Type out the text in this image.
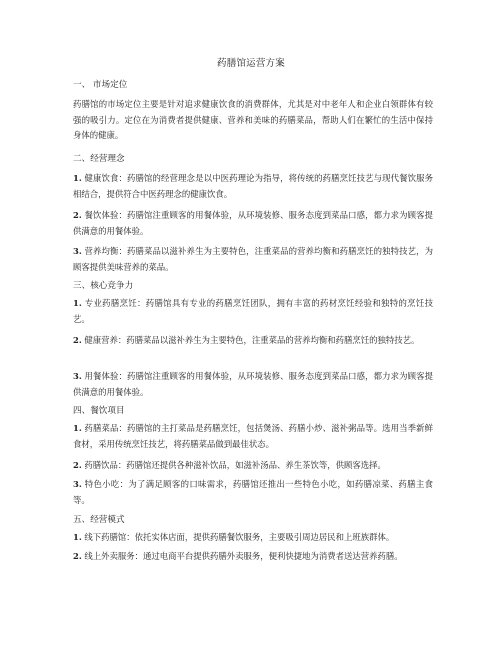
药膳馆运营方案
一、 市场定位
药膳馆的市场定位主要是针对追求健康饮食的消费群体，尤其是对中老年人和企业白领群体有较强的吸引力。定位在为消费者提供健康、营养和美味的药膳菜品，帮助人们在繁忙的生活中保持身体的健康。
二、经营理念
1. 健康饮食：药膳馆的经营理念是以中医药理论为指导，将传统的药膳烹饪技艺与现代餐饮服务相结合，提供符合中医药理念的健康饮食。
2. 餐饮体验：药膳馆注重顾客的用餐体验，从环境装修、服务态度到菜品口感，都力求为顾客提供满意的用餐体验。
3. 营养均衡：药膳菜品以滋补养生为主要特色，注重菜品的营养均衡和药膳烹饪的独特技艺，为顾客提供美味营养的菜品。
三、核心竞争力
1. 专业药膳烹饪：药膳馆具有专业的药膳烹饪团队，拥有丰富的药材烹饪经验和独特的烹饪技艺。
2. 健康营养：药膳菜品以滋补养生为主要特色，注重菜品的营养均衡和药膳烹饪的独特技艺。
3. 用餐体验：药膳馆注重顾客的用餐体验，从环境装修、服务态度到菜品口感，都力求为顾客提供满意的用餐体验。
四、餐饮项目
1. 药膳菜品：药膳馆的主打菜品是药膳烹饪，包括煲汤、药膳小炒、滋补粥品等。选用当季新鲜食材，采用传统烹饪技艺，将药膳菜品做到最佳状态。
2. 药膳饮品：药膳馆还提供各种滋补饮品，如滋补汤品、养生茶饮等，供顾客选择。
3. 特色小吃：为了满足顾客的口味需求，药膳馆还推出一些特色小吃，如药膳凉菜、药膳主食等。
五、经营模式
1. 线下药膳馆：依托实体店面，提供药膳餐饮服务，主要吸引周边居民和上班族群体。
2. 线上外卖服务：通过电商平台提供药膳外卖服务，便利快捷地为消费者送达营养药膳。
